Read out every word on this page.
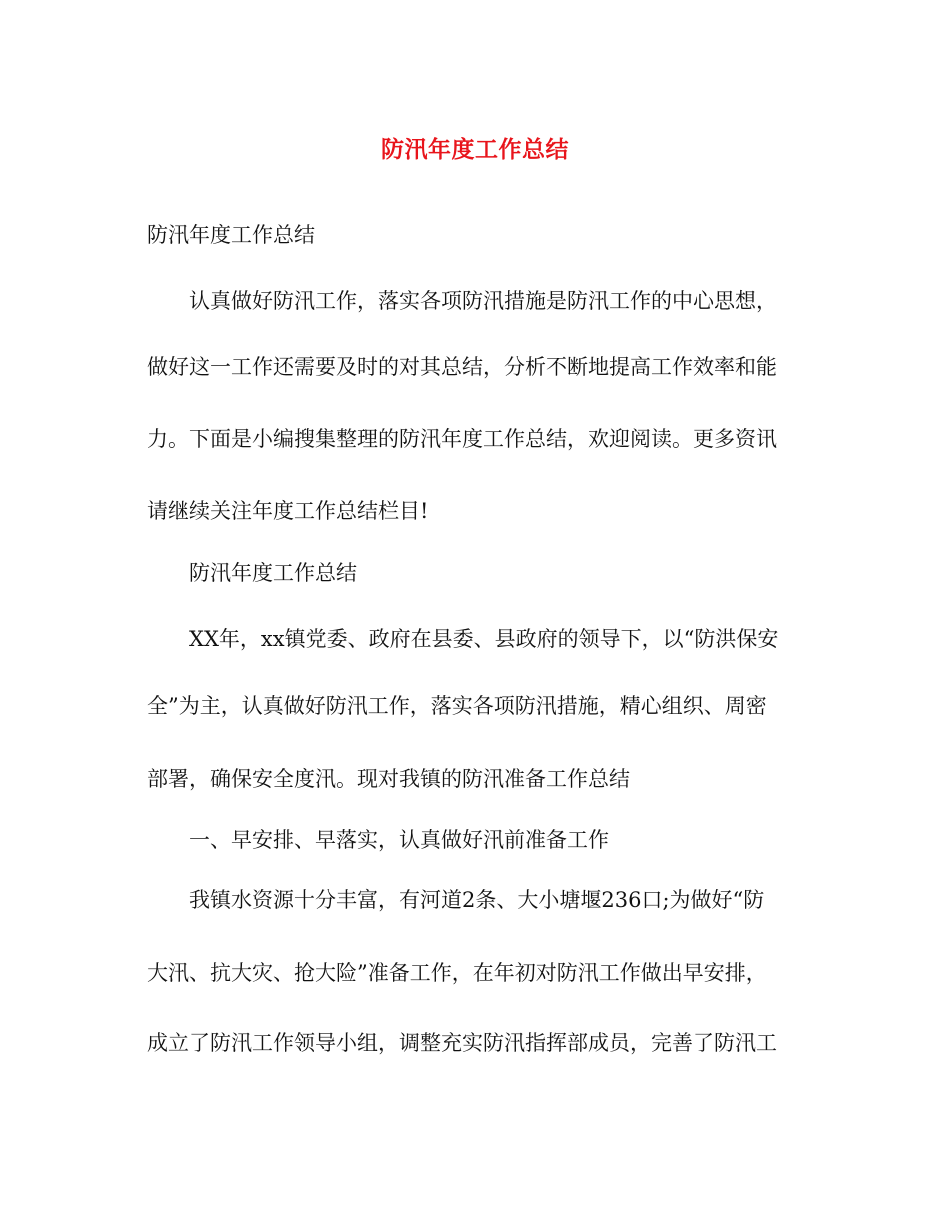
防汛年度工作总结
防汛年度工作总结
认真做好防汛工作，落实各项防汛措施是防汛工作的中心思想，
做好这一工作还需要及时的对其总结，分析不断地提高工作效率和能
力。下面是小编搜集整理的防汛年度工作总结，欢迎阅读。更多资讯
请继续关注年度工作总结栏目!
防汛年度工作总结
XX年，xx镇党委、政府在县委、县政府的领导下，以“防洪保安
全”为主，认真做好防汛工作，落实各项防汛措施，精心组织、周密
部署，确保安全度汛。现对我镇的防汛准备工作总结
一、早安排、早落实，认真做好汛前准备工作
我镇水资源十分丰富，有河道2条、大小塘堰236口;为做好“防
大汛、抗大灾、抢大险”准备工作，在年初对防汛工作做出早安排，
成立了防汛工作领导小组，调整充实防汛指挥部成员，完善了防汛工
